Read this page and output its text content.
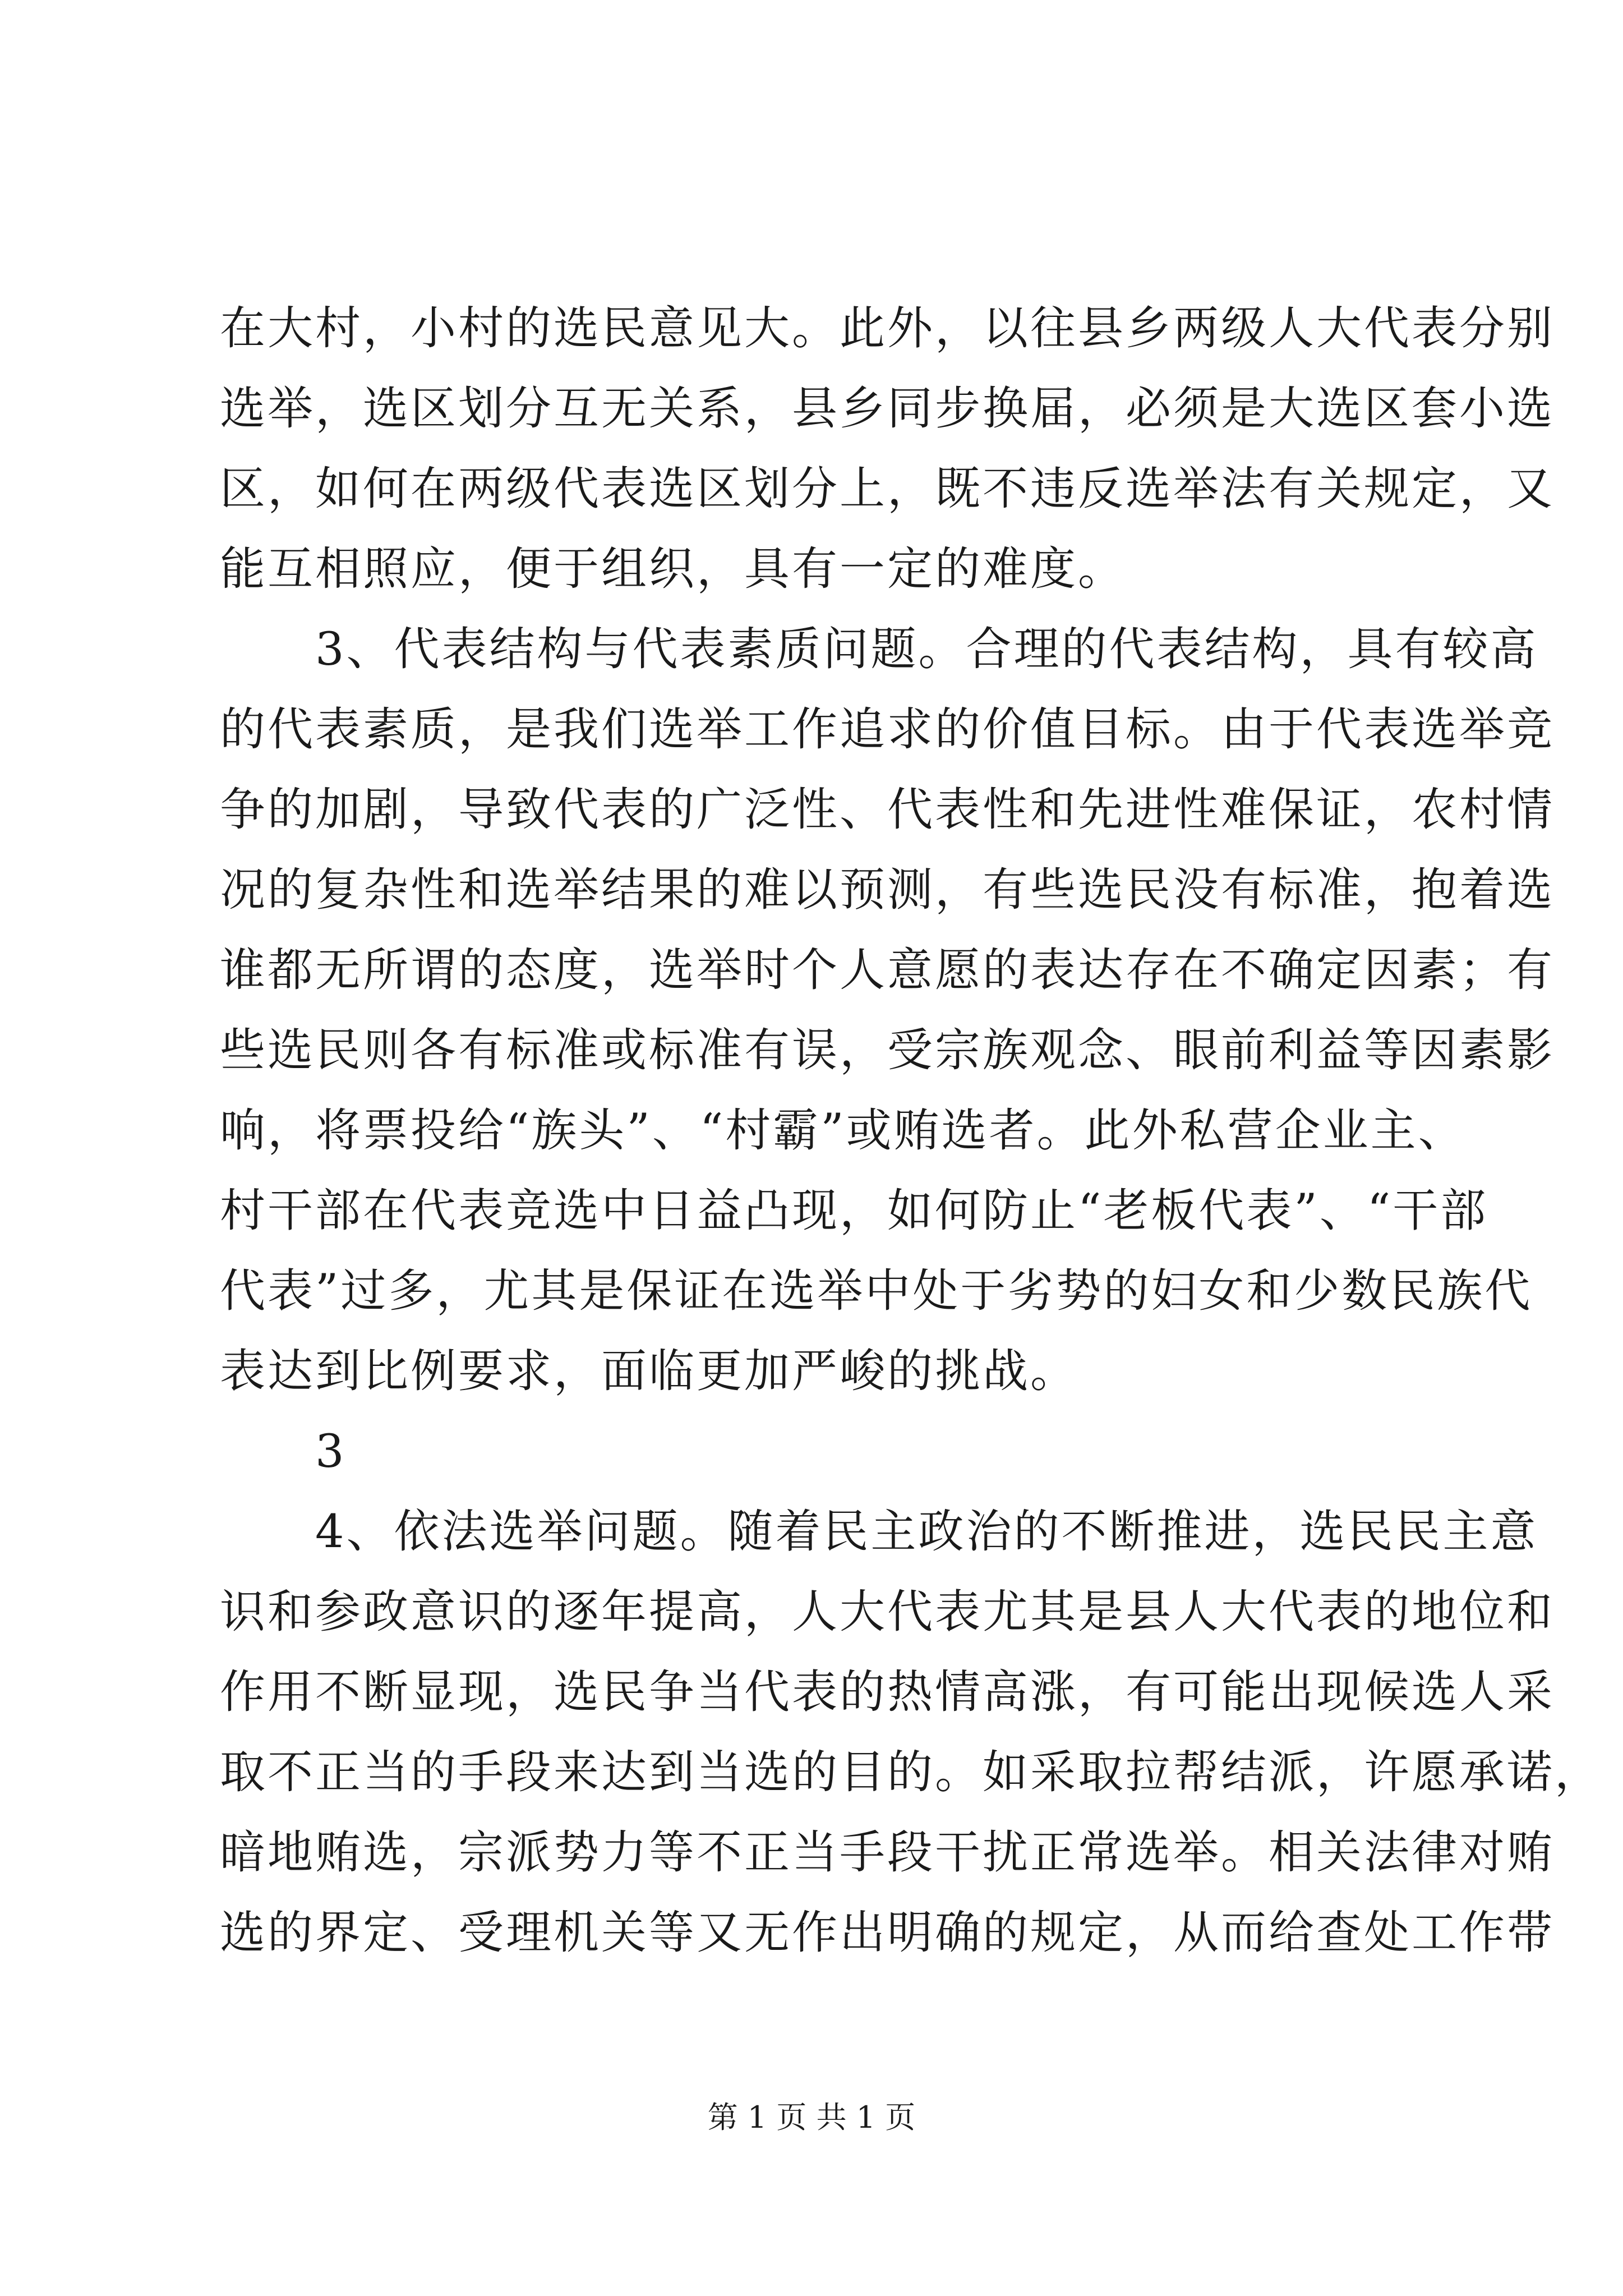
在大村，小村的选民意见大。此外，以往县乡两级人大代表分别
选举，选区划分互无关系，县乡同步换届，必须是大选区套小选
区，如何在两级代表选区划分上，既不违反选举法有关规定，又
能互相照应，便于组织，具有一定的难度。
　　3、代表结构与代表素质问题。合理的代表结构，具有较高
的代表素质，是我们选举工作追求的价值目标。由于代表选举竞
争的加剧，导致代表的广泛性、代表性和先进性难保证，农村情
况的复杂性和选举结果的难以预测，有些选民没有标准，抱着选
谁都无所谓的态度，选举时个人意愿的表达存在不确定因素；有
些选民则各有标准或标准有误，受宗族观念、眼前利益等因素影
响，将票投给“族头”、“村霸”或贿选者。此外私营企业主、
村干部在代表竞选中日益凸现，如何防止“老板代表”、“干部
代表”过多，尤其是保证在选举中处于劣势的妇女和少数民族代
表达到比例要求，面临更加严峻的挑战。
　　3
　　4、依法选举问题。随着民主政治的不断推进，选民民主意
识和参政意识的逐年提高，人大代表尤其是县人大代表的地位和
作用不断显现，选民争当代表的热情高涨，有可能出现候选人采
取不正当的手段来达到当选的目的。如采取拉帮结派，许愿承诺，
暗地贿选，宗派势力等不正当手段干扰正常选举。相关法律对贿
选的界定、受理机关等又无作出明确的规定，从而给查处工作带
第 1 页 共 1 页
